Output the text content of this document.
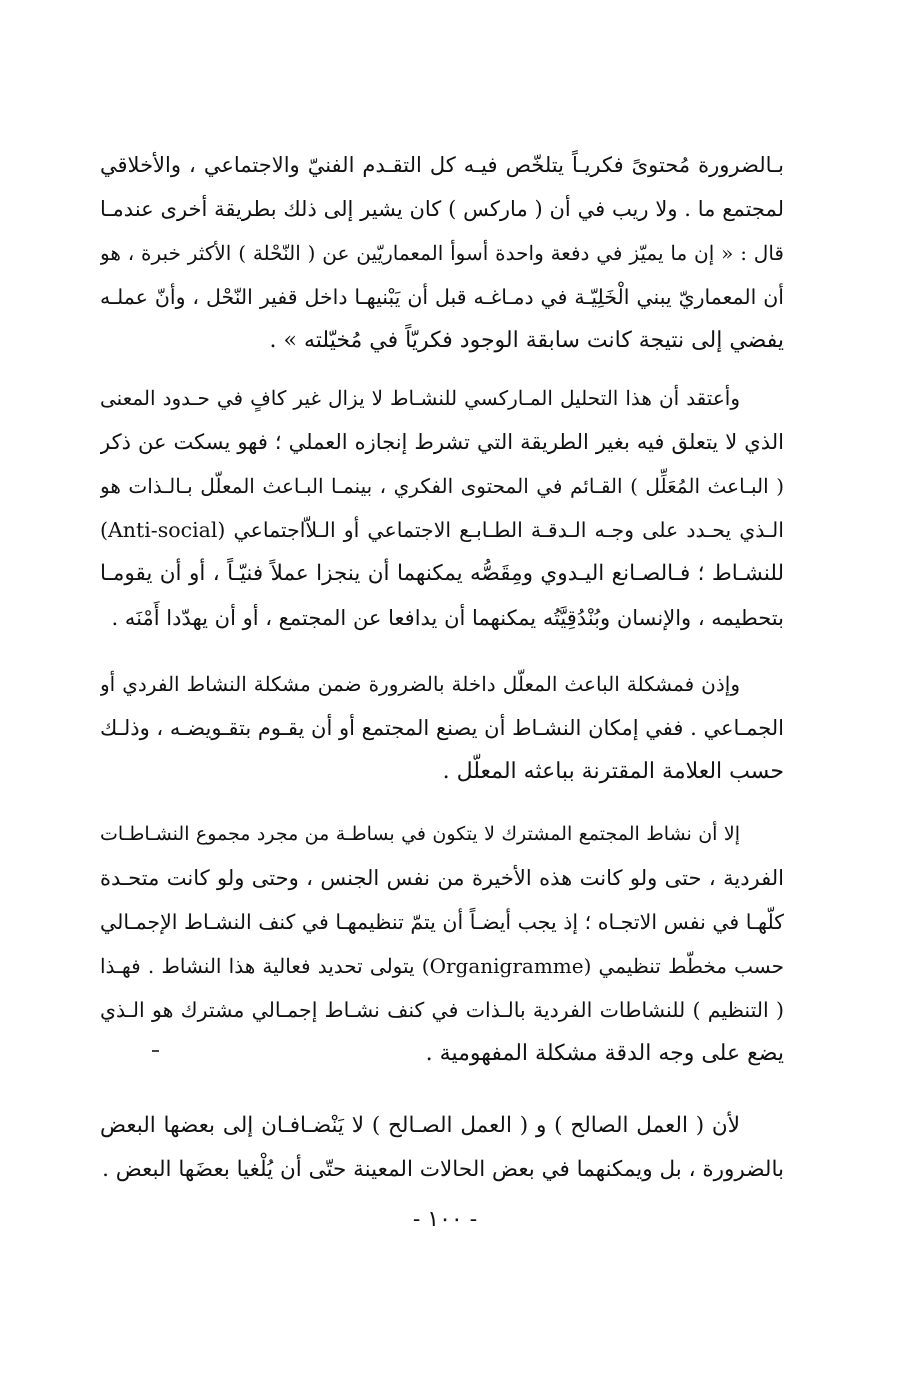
بـالضرورة مُحتوىً فكريـاً يتلخّص فيـه كل التقـدم الفنيّ والاجتماعي ، والأخلاقي
لمجتمع ما . ولا ريب في أن ( ماركس ) كان يشير إلى ذلك بطريقة أخرى عندمـا
قال : « إن ما يميّز في دفعة واحدة أسوأ المعماريّين عن ( النّحْلة ) الأكثر خبرة ، هو
أن المعماريّ يبني الْخَلِيّـة في دمـاغـه قبل أن يَبْنيهـا داخل قفير النّحْل ، وأنّ عملـه
يفضي إلى نتيجة كانت سابقة الوجود فكريّاً في مُخيّلته » .
وأعتقد أن هذا التحليل المـاركسي للنشـاط لا يزال غير كافٍ في حـدود المعنى
الذي لا يتعلق فيه بغير الطريقة التي تشرط إنجازه العملي ؛ فهو يسكت عن ذكر
( البـاعث المُعَلِّل ) القـائم في المحتوى الفكري ، بينمـا البـاعث المعلّل بـالـذات هو
الـذي يحـدد على وجـه الـدقـة الطـابـع الاجتماعي أو الـلاّاجتماعي (Anti-social)
للنشـاط ؛ فـالصـانع اليـدوي ومِقَصُّه يمكنهما أن ينجزا عملاً فنيّـاً ، أو أن يقومـا
بتحطيمه ، والإنسان وبُنْدُقِيَّتُه يمكنهما أن يدافعا عن المجتمع ، أو أن يهدّدا أَمْنَه .
وإذن فمشكلة الباعث المعلّل داخلة بالضرورة ضمن مشكلة النشاط الفردي أو
الجمـاعي . ففي إمكان النشـاط أن يصنع المجتمع أو أن يقـوم بتقـويضـه ، وذلـك
حسب العلامة المقترنة بباعثه المعلّل .
إلا أن نشاط المجتمع المشترك لا يتكون في بساطـة من مجرد مجموع النشـاطـات
الفردية ، حتى ولو كانت هذه الأخيرة من نفس الجنس ، وحتى ولو كانت متحـدة
كلّهـا في نفس الاتجـاه ؛ إذ يجب أيضـاً أن يتمّ تنظيمهـا في كنف النشـاط الإجمـالي
حسب مخطّط تنظيمي (Organigramme) يتولى تحديد فعالية هذا النشاط . فهـذا
( التنظيم ) للنشاطات الفردية بالـذات في كنف نشـاط إجمـالي مشترك هو الـذي
يضع على وجه الدقة مشكلة المفهومية .
لأن ( العمل الصالح ) و ( العمل الصـالح ) لا يَنْضـافـان إلى بعضها البعض
بالضرورة ، بل ويمكنهما في بعض الحالات المعينة حتّى أن يُلْغيا بعضَها البعض .
- ١٠٠ -
